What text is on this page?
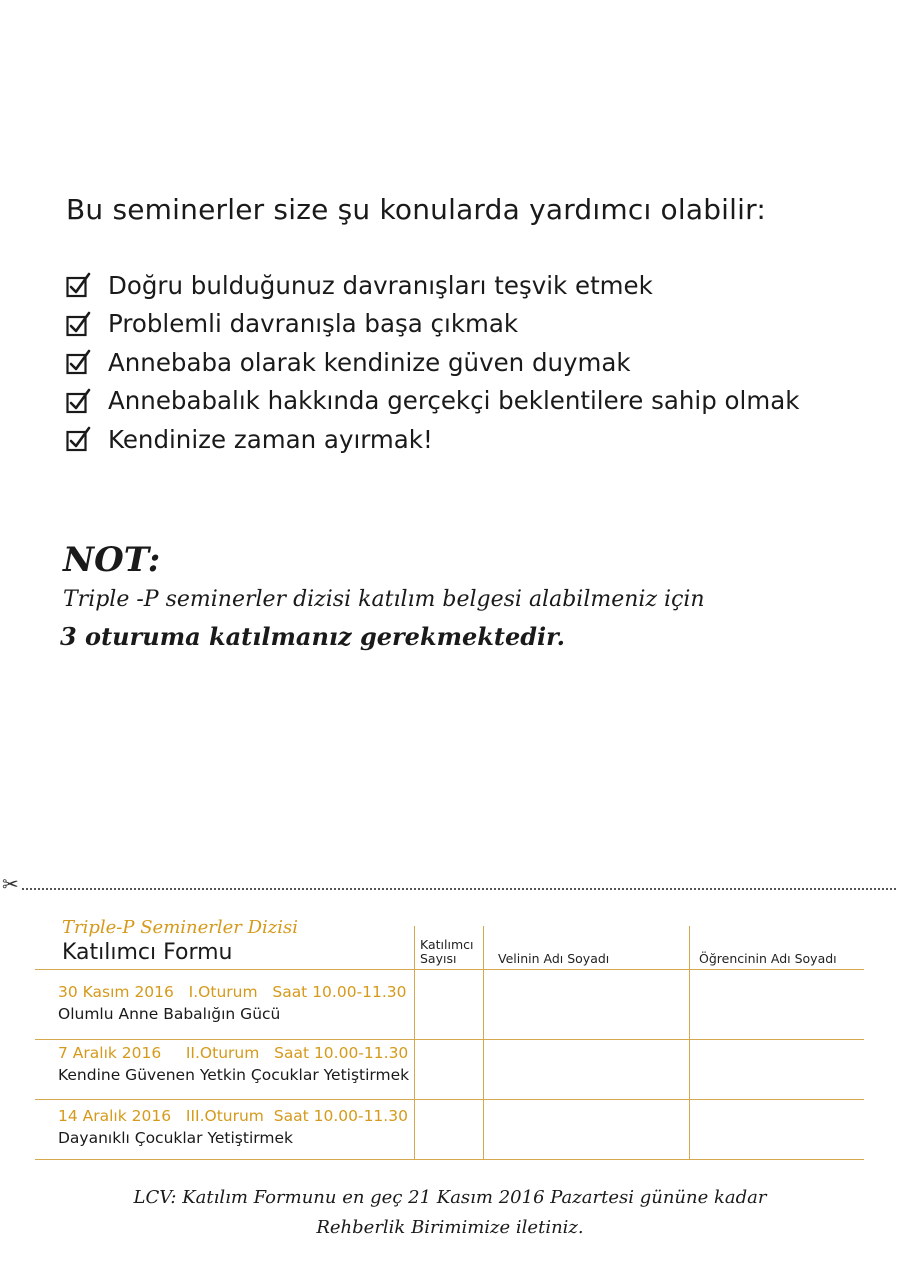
Bu seminerler size şu konularda yardımcı olabilir:
Doğru bulduğunuz davranışları teşvik etmek
Problemli davranışla başa çıkmak
Annebaba olarak kendinize güven duymak
Annebabalık hakkında gerçekçi beklentilere sahip olmak
Kendinize zaman ayırmak!
NOT:
Triple -P seminerler dizisi katılım belgesi alabilmeniz için
3 oturuma katılmanız gerekmektedir.
✂
Triple-P Seminerler Dizisi
Katılımcı Formu	Katılımcı
Sayısı	Velinin Adı Soyadı	Öğrencinin Adı Soyadı
30 Kasım 2016   I.Oturum   Saat 10.00-11.30
Olumlu Anne Babalığın Gücü
7 Aralık 2016     II.Oturum   Saat 10.00-11.30
Kendine Güvenen Yetkin Çocuklar Yetiştirmek
14 Aralık 2016   III.Oturum  Saat 10.00-11.30
Dayanıklı Çocuklar Yetiştirmek
LCV: Katılım Formunu en geç 21 Kasım 2016 Pazartesi gününe kadar
Rehberlik Birimimize iletiniz.
